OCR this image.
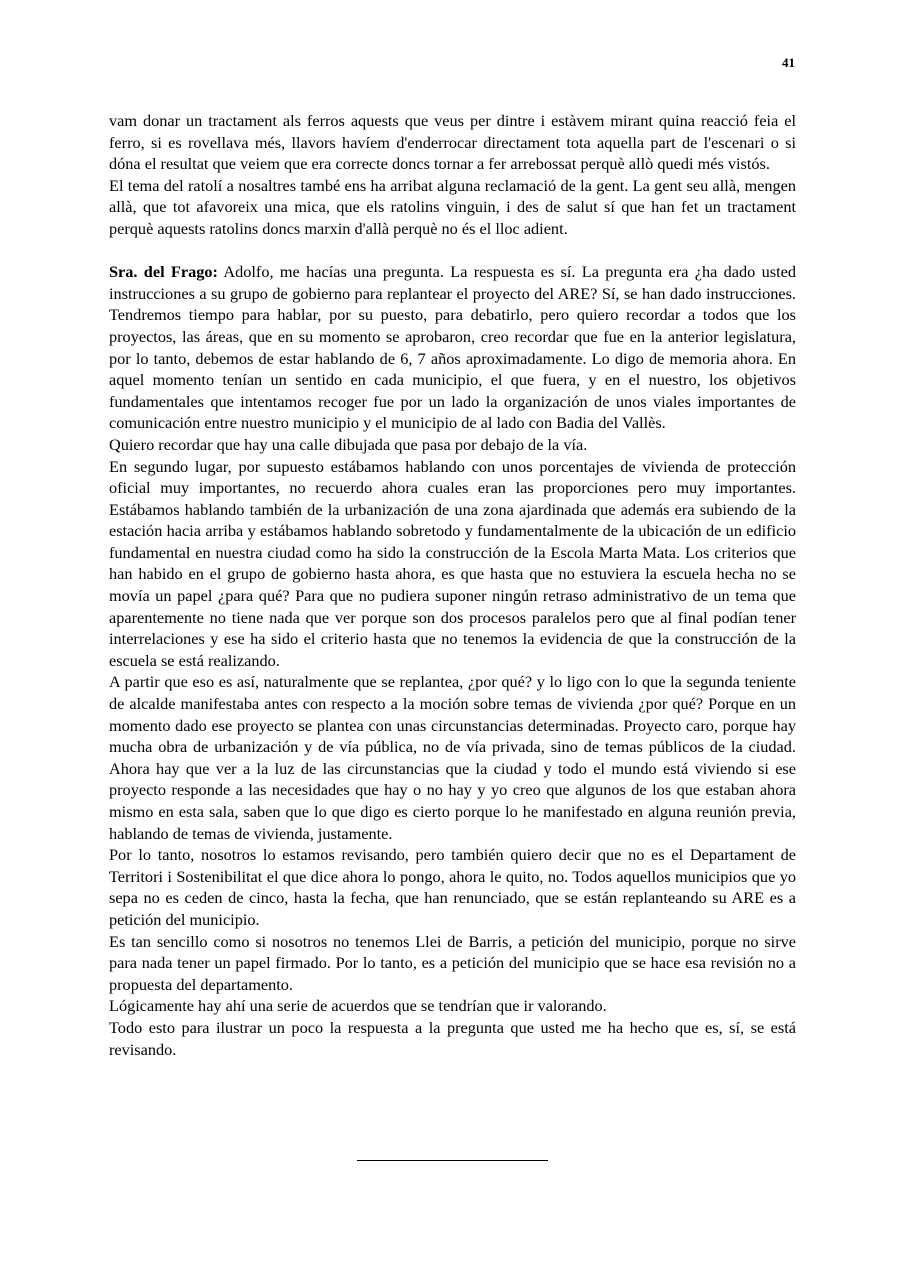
41

vam donar un tractament als ferros aquests que veus per dintre i estàvem mirant quina reacció feia el ferro, si es rovellava més, llavors havíem d'enderrocar directament tota aquella part de l'escenari o si dóna el resultat que veiem que era correcte doncs tornar a fer arrebossat perquè allò quedi més vistós.

El tema del ratolí a nosaltres també ens ha arribat alguna reclamació de la gent. La gent seu allà, mengen allà, que tot afavoreix una mica, que els ratolins vinguin, i des de salut sí que han fet un tractament perquè aquests ratolins doncs marxin d'allà perquè no és el lloc adient.

Sra. del Frago: Adolfo, me hacías una pregunta. La respuesta es sí. La pregunta era ¿ha dado usted instrucciones a su grupo de gobierno para replantear el proyecto del ARE? Sí, se han dado instrucciones. Tendremos tiempo para hablar, por su puesto, para debatirlo, pero quiero recordar a todos que los proyectos, las áreas, que en su momento se aprobaron, creo recordar que fue en la anterior legislatura, por lo tanto, debemos de estar hablando de 6, 7 años aproximadamente. Lo digo de memoria ahora. En aquel momento tenían un sentido en cada municipio, el que fuera, y en el nuestro, los objetivos fundamentales que intentamos recoger fue por un lado la organización de unos viales importantes de comunicación entre nuestro municipio y el municipio de al lado con Badia del Vallès.

Quiero recordar que hay una calle dibujada que pasa por debajo de la vía.

En segundo lugar, por supuesto estábamos hablando con unos porcentajes de vivienda de protección oficial muy importantes, no recuerdo ahora cuales eran las proporciones pero muy importantes. Estábamos hablando también de la urbanización de una zona ajardinada que además era subiendo de la estación hacia arriba y estábamos hablando sobretodo y fundamentalmente de la ubicación de un edificio fundamental en nuestra ciudad como ha sido la construcción de la Escola Marta Mata. Los criterios que han habido en el grupo de gobierno hasta ahora, es que hasta que no estuviera la escuela hecha no se movía un papel ¿para qué? Para que no pudiera suponer ningún retraso administrativo de un tema que aparentemente no tiene nada que ver porque son dos procesos paralelos pero que al final podían tener interrelaciones y ese ha sido el criterio hasta que no tenemos la evidencia de que la construcción de la escuela se está realizando.

A partir que eso es así, naturalmente que se replantea, ¿por qué? y lo ligo con lo que la segunda teniente de alcalde manifestaba antes con respecto a la moción sobre temas de vivienda ¿por qué? Porque en un momento dado ese proyecto se plantea con unas circunstancias determinadas. Proyecto caro, porque hay mucha obra de urbanización y de vía pública, no de vía privada, sino de temas públicos de la ciudad. Ahora hay que ver a la luz de las circunstancias que la ciudad y todo el mundo está viviendo si ese proyecto responde a las necesidades que hay o no hay y yo creo que algunos de los que estaban ahora mismo en esta sala, saben que lo que digo es cierto porque lo he manifestado en alguna reunión previa, hablando de temas de vivienda, justamente.

Por lo tanto, nosotros lo estamos revisando, pero también quiero decir que no es el Departament de Territori i Sostenibilitat el que dice ahora lo pongo, ahora le quito, no. Todos aquellos municipios que yo sepa no es ceden de cinco, hasta la fecha, que han renunciado, que se están replanteando su ARE es a petición del municipio.

Es tan sencillo como si nosotros no tenemos Llei de Barris, a petición del municipio, porque no sirve para nada tener un papel firmado. Por lo tanto, es a petición del municipio que se hace esa revisión no a propuesta del departamento.

Lógicamente hay ahí una serie de acuerdos que se tendrían que ir valorando.

Todo esto para ilustrar un poco la respuesta a la pregunta que usted me ha hecho que es, sí, se está revisando.
